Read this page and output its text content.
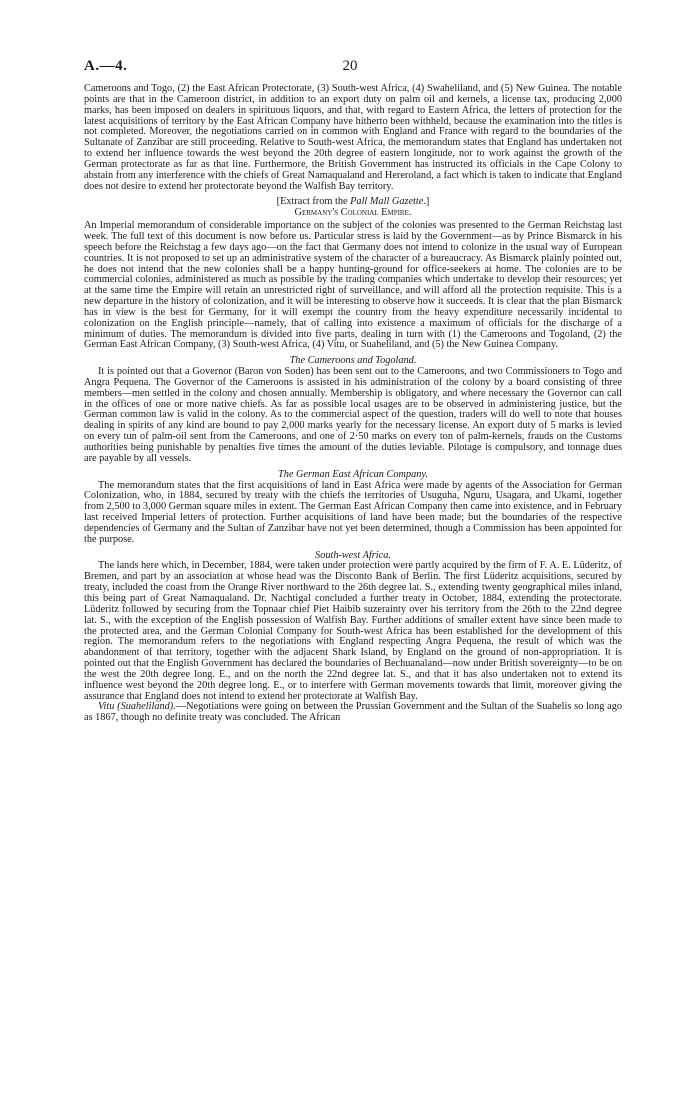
A.—4.	20

Cameroons and Togo, (2) the East African Protectorate, (3) South-west Africa, (4) Swaheliland, and (5) New Guinea. The notable points are that in the Cameroon district, in addition to an export duty on palm oil and kernels, a license tax, producing 2,000 marks, has been imposed on dealers in spirituous liquors, and that, with regard to Eastern Africa, the letters of protection for the latest acquisitions of territory by the East African Company have hitherto been withheld, because the examination into the titles is not completed. Moreover, the negotiations carried on in common with England and France with regard to the boundaries of the Sultanate of Zanzibar are still proceeding. Relative to South-west Africa, the memorandum states that England has undertaken not to extend her influence towards the west beyond the 20th degree of eastern longitude, nor to work against the growth of the German protectorate as far as that line. Furthermore, the British Government has instructed its officials in the Cape Colony to abstain from any interference with the chiefs of Great Namaqualand and Hereroland, a fact which is taken to indicate that England does not desire to extend her protectorate beyond the Walfish Bay territory.

[Extract from the Pall Mall Gazette.]

Germany's Colonial Empire.

An Imperial memorandum of considerable importance on the subject of the colonies was presented to the German Reichstag last week. The full text of this document is now before us. Particular stress is laid by the Government—as by Prince Bismarck in his speech before the Reichstag a few days ago—on the fact that Germany does not intend to colonize in the usual way of European countries. It is not proposed to set up an administrative system of the character of a bureaucracy. As Bismarck plainly pointed out, he does not intend that the new colonies shall be a happy hunting-ground for office-seekers at home. The colonies are to be commercial colonies, administered as much as possible by the trading companies which undertake to develop their resources; yet at the same time the Empire will retain an unrestricted right of surveillance, and will afford all the protection requisite. This is a new departure in the history of colonization, and it will be interesting to observe how it succeeds. It is clear that the plan Bismarck has in view is the best for Germany, for it will exempt the country from the heavy expenditure necessarily incidental to colonization on the English principle—namely, that of calling into existence a maximum of officials for the discharge of a minimum of duties. The memorandum is divided into five parts, dealing in turn with (1) the Cameroons and Togoland, (2) the German East African Company, (3) South-west Africa, (4) Vitu, or Suaheliland, and (5) the New Guinea Company.

The Cameroons and Togoland.

It is pointed out that a Governor (Baron von Soden) has been sent out to the Cameroons, and two Commissioners to Togo and Angra Pequena. The Governor of the Cameroons is assisted in his administration of the colony by a board consisting of three members—men settled in the colony and chosen annually. Membership is obligatory, and where necessary the Governor can call in the offices of one or more native chiefs. As far as possible local usages are to be observed in administering justice, but the German common law is valid in the colony. As to the commercial aspect of the question, traders will do well to note that houses dealing in spirits of any kind are bound to pay 2,000 marks yearly for the necessary license. An export duty of 5 marks is levied on every tun of palm-oil sent from the Cameroons, and one of 2·50 marks on every ton of palm-kernels, frauds on the Customs authorities being punishable by penalties five times the amount of the duties leviable. Pilotage is compulsory, and tonnage dues are payable by all vessels.

The German East African Company.

The memorandum states that the first acquisitions of land in East Africa were made by agents of the Association for German Colonization, who, in 1884, secured by treaty with the chiefs the territories of Usuguha, Nguru, Usagara, and Ukami, together from 2,500 to 3,000 German square miles in extent. The German East African Company then came into existence, and in February last received Imperial letters of protection. Further acquisitions of land have been made; but the boundaries of the respective dependencies of Germany and the Sultan of Zanzibar have not yet been determined, though a Commission has been appointed for the purpose.

South-west Africa.

The lands here which, in December, 1884, were taken under protection were partly acquired by the firm of F. A. E. Lüderitz, of Bremen, and part by an association at whose head was the Disconto Bank of Berlin. The first Lüderitz acquisitions, secured by treaty, included the coast from the Orange River northward to the 26th degree lat. S., extending twenty geographical miles inland, this being part of Great Namaqualand. Dr. Nachtigal concluded a further treaty in October, 1884, extending the protectorate. Lüderitz followed by securing from the Topnaar chief Piet Haibib suzerainty over his territory from the 26th to the 22nd degree lat. S., with the exception of the English possession of Walfish Bay. Further additions of smaller extent have since been made to the protected area, and the German Colonial Company for South-west Africa has been established for the development of this region. The memorandum refers to the negotiations with England respecting Angra Pequena, the result of which was the abandonment of that territory, together with the adjacent Shark Island, by England on the ground of non-appropriation. It is pointed out that the English Government has declared the boundaries of Bechuanaland—now under British sovereignty—to be on the west the 20th degree long. E., and on the north the 22nd degree lat. S., and that it has also undertaken not to extend its influence west beyond the 20th degree long. E., or to interfere with German movements towards that limit, moreover giving the assurance that England does not intend to extend her protectorate at Walfish Bay.

Vitu (Suaheliland).—Negotiations were going on between the Prussian Government and the Sultan of the Suahelis so long ago as 1867, though no definite treaty was concluded. The African
